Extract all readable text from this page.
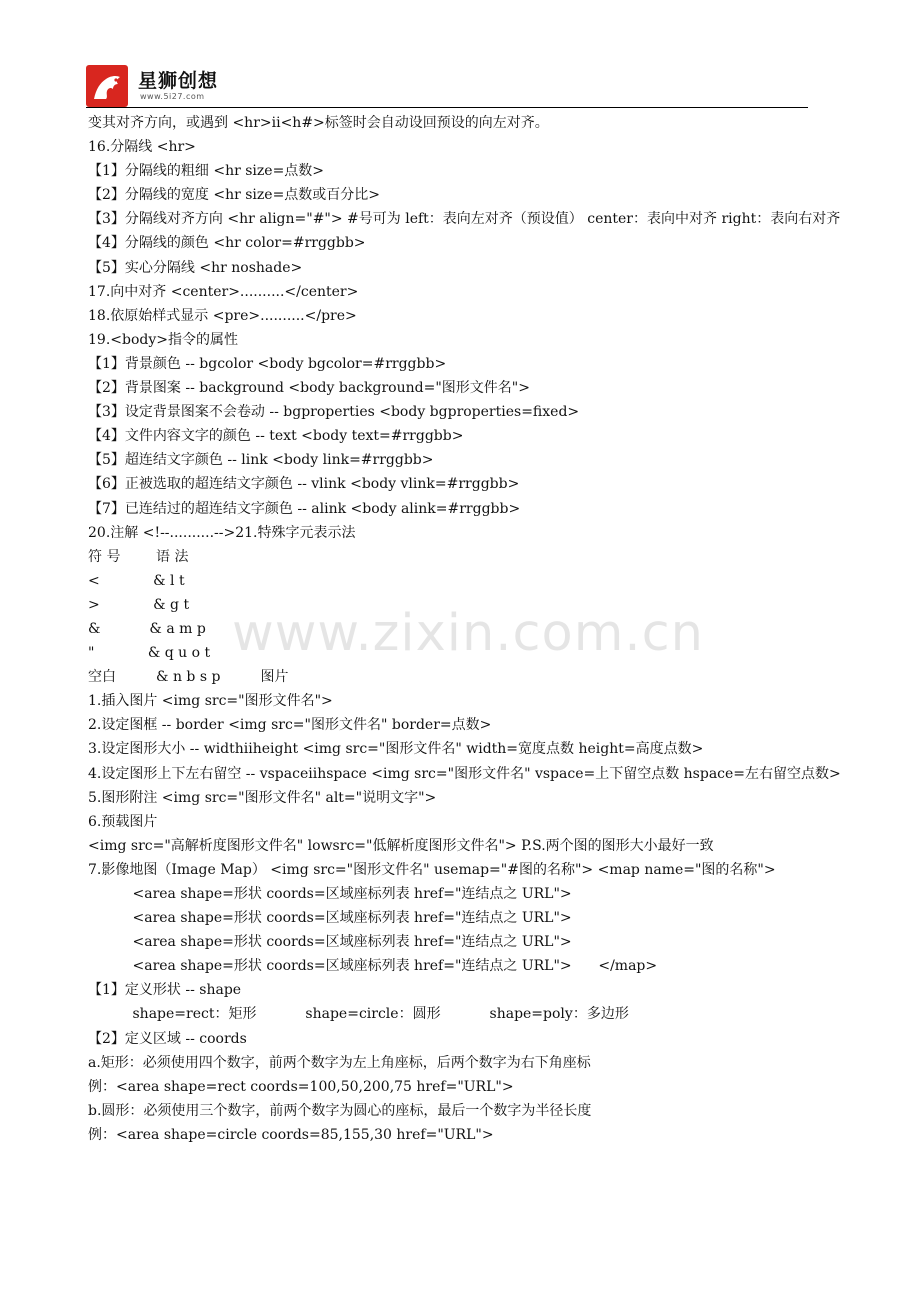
星狮创想
www.5i27.com
www.zixin.com.cn
变其对齐方向，或遇到 <hr>ii<h#>标签时会自动设回预设的向左对齐。
16.分隔线 <hr>
【1】分隔线的粗细 <hr size=点数>
【2】分隔线的宽度 <hr size=点数或百分比>
【3】分隔线对齐方向 <hr align="#"> #号可为 left：表向左对齐（预设值） center：表向中对齐 right：表向右对齐
【4】分隔线的颜色 <hr color=#rrggbb>
【5】实心分隔线 <hr noshade>
17.向中对齐 <center>..........</center>
18.依原始样式显示 <pre>..........</pre>
19.<body>指令的属性
【1】背景颜色 -- bgcolor <body bgcolor=#rrggbb>
【2】背景图案 -- background <body background="图形文件名">
【3】设定背景图案不会卷动 -- bgproperties <body bgproperties=fixed>
【4】文件内容文字的颜色 -- text <body text=#rrggbb>
【5】超连结文字颜色 -- link <body link=#rrggbb>
【6】正被选取的超连结文字颜色 -- vlink <body vlink=#rrggbb>
【7】已连结过的超连结文字颜色 -- alink <body alink=#rrggbb>
20.注解 <!--..........-->21.特殊字元表示法
符 号        语 法
<            & l t
>            & g t
&           & a m p
"            & q u o t
空白         & n b s p         图片
1.插入图片 <img src="图形文件名">
2.设定图框 -- border <img src="图形文件名" border=点数>
3.设定图形大小 -- widthiiheight <img src="图形文件名" width=宽度点数 height=高度点数>
4.设定图形上下左右留空 -- vspaceiihspace <img src="图形文件名" vspace=上下留空点数 hspace=左右留空点数>
5.图形附注 <img src="图形文件名" alt="说明文字">
6.预载图片
<img src="高解析度图形文件名" lowsrc="低解析度图形文件名"> P.S.两个图的图形大小最好一致
7.影像地图（Image Map） <img src="图形文件名" usemap="#图的名称"> <map name="图的名称">
<area shape=形状 coords=区域座标列表 href="连结点之 URL">
<area shape=形状 coords=区域座标列表 href="连结点之 URL">
<area shape=形状 coords=区域座标列表 href="连结点之 URL">
<area shape=形状 coords=区域座标列表 href="连结点之 URL">      </map>
【1】定义形状 -- shape
shape=rect：矩形           shape=circle：圆形           shape=poly：多边形
【2】定义区域 -- coords
a.矩形：必须使用四个数字，前两个数字为左上角座标，后两个数字为右下角座标
例：<area shape=rect coords=100,50,200,75 href="URL">
b.圆形：必须使用三个数字，前两个数字为圆心的座标，最后一个数字为半径长度
例：<area shape=circle coords=85,155,30 href="URL">
